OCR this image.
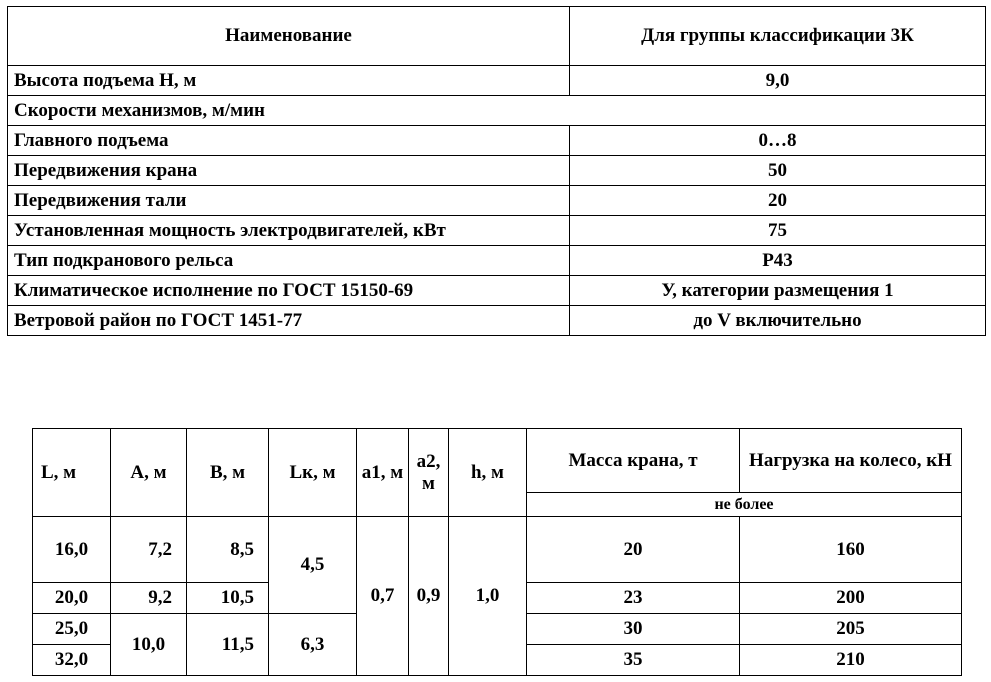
Наименование	Для группы классификации 3К
Высота подъема Н, м	9,0
Скорости механизмов, м/мин	
Главного подъема	0…8
Передвижения крана	50
Передвижения тали	20
Установленная мощность электродвигателей, кВт	75
Тип подкранового рельса	Р43
Климатическое исполнение по ГОСТ 15150-69	У, категории размещения 1
Ветровой район по ГОСТ 1451-77	до V включительно
L, м	А, м	В, м	Lк, м	а1, м	а2, м	h, м	Масса крана, т	Нагрузка на колесо, кН
							не более	
16,0	7,2	8,5	4,5	0,7	0,9	1,0	20	160
20,0	9,2	10,5					23	200
25,0	10,0	11,5	6,3				30	205
32,0							35	210
